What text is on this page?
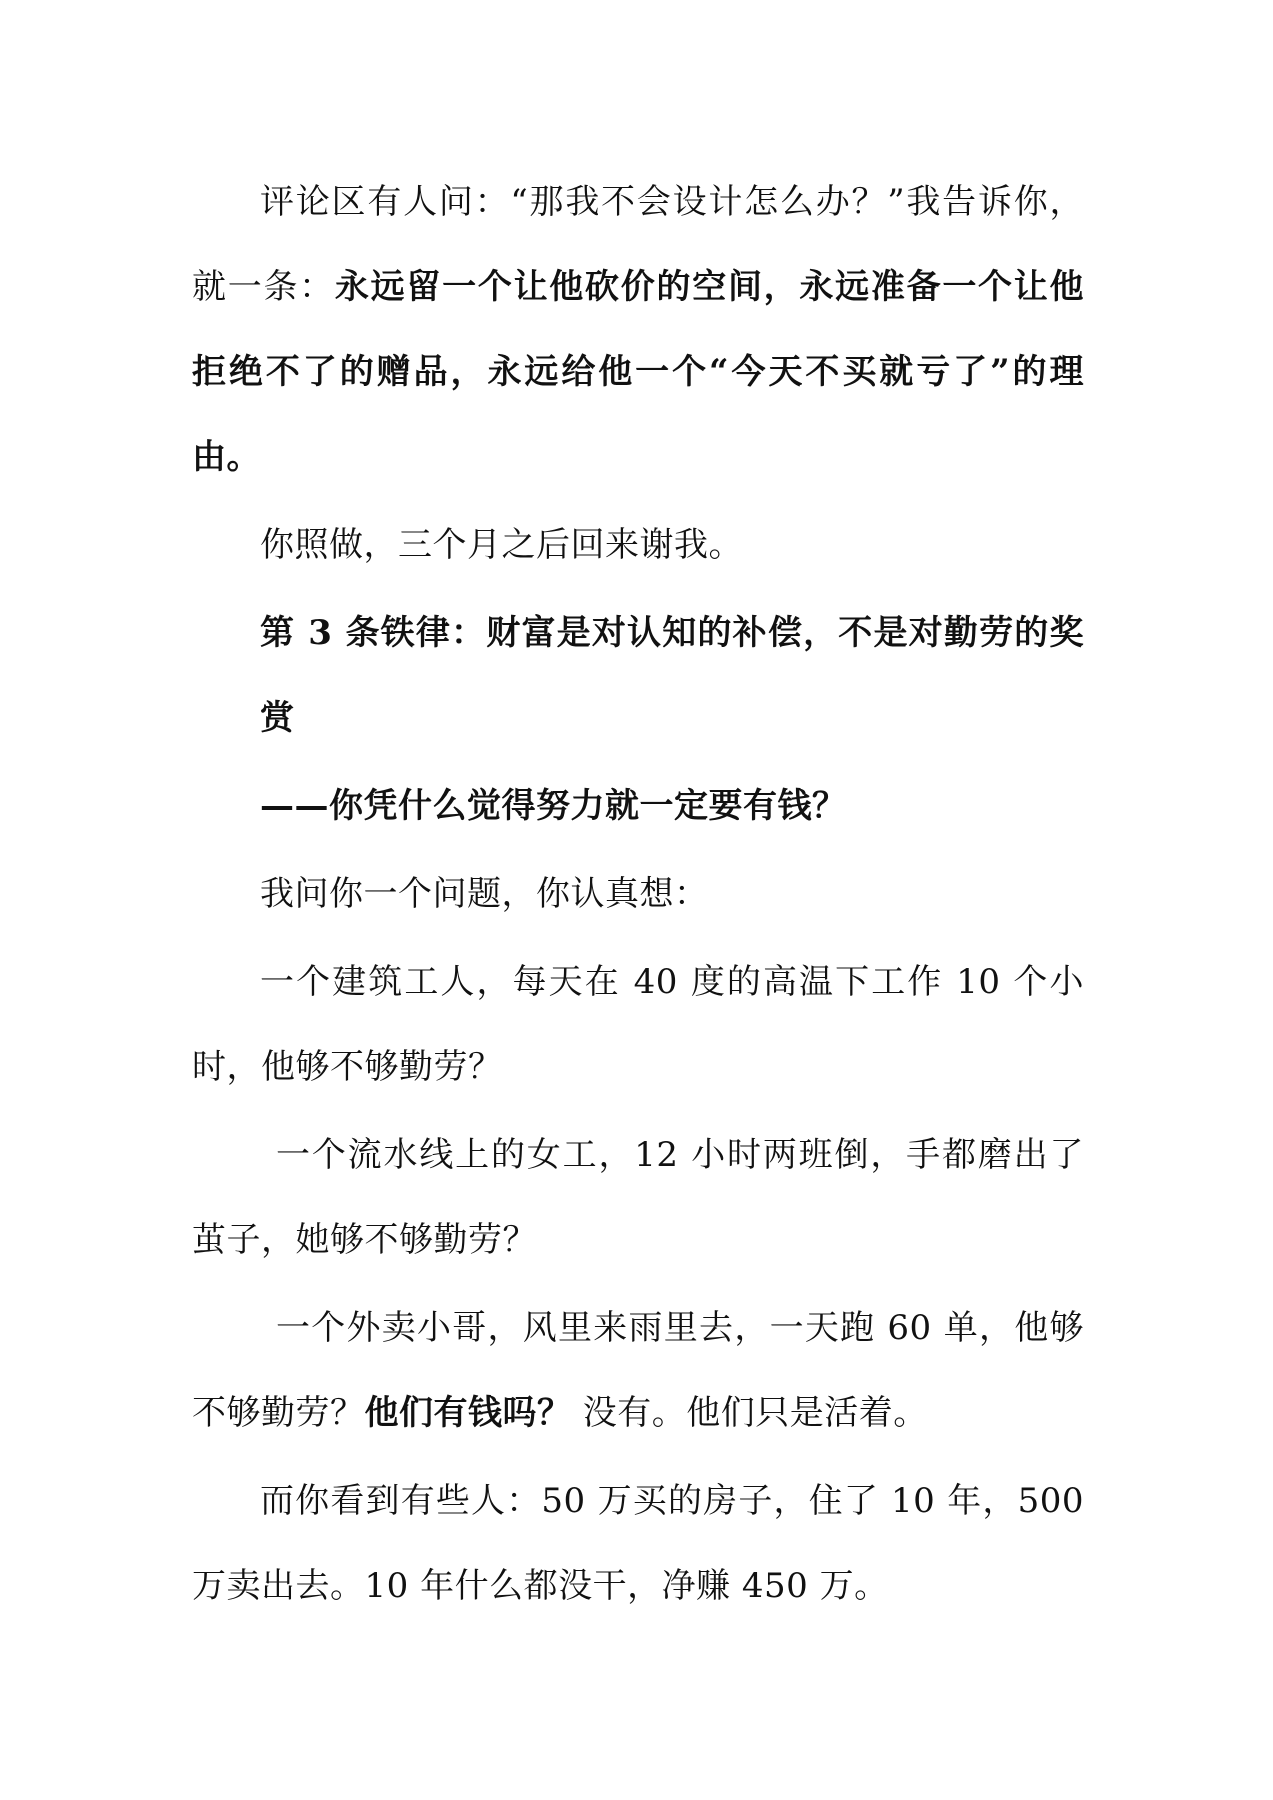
评论区有人问：“那我不会设计怎么办？”我告诉你，就一条：永远留一个让他砍价的空间，永远准备一个让他拒绝不了的赠品，永远给他一个“今天不买就亏了”的理由。

你照做，三个月之后回来谢我。

第 3 条铁律：财富是对认知的补偿，不是对勤劳的奖赏

——你凭什么觉得努力就一定要有钱？

我问你一个问题，你认真想：

一个建筑工人，每天在 40 度的高温下工作 10 个小时，他够不够勤劳？

一个流水线上的女工，12 小时两班倒，手都磨出了茧子，她够不够勤劳？

一个外卖小哥，风里来雨里去，一天跑 60 单，他够不够勤劳？他们有钱吗？ 没有。他们只是活着。

而你看到有些人：50 万买的房子，住了 10 年，500 万卖出去。10 年什么都没干，净赚 450 万。
